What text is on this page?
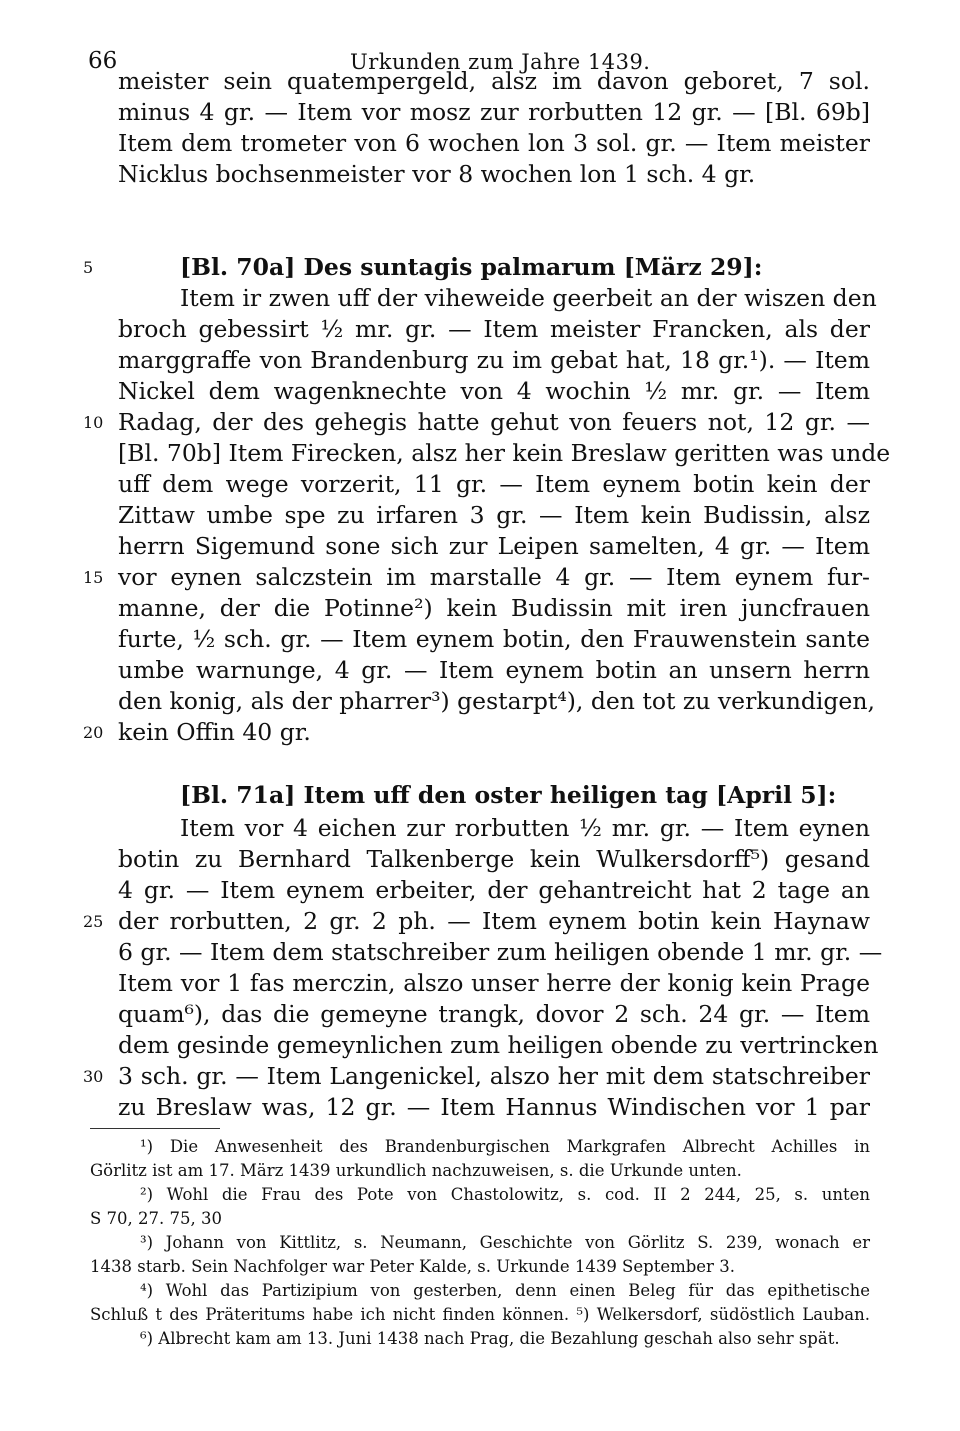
66	Urkunden zum Jahre 1439.
meister sein quatempergeld, alsz im davon geboret, 7 sol.
minus 4 gr. — Item vor mosz zur rorbutten 12 gr. — [Bl. 69b]
Item dem trometer von 6 wochen lon 3 sol. gr. — Item meister
Nicklus bochsenmeister vor 8 wochen lon 1 sch. 4 gr.
[Bl. 70a] Des suntagis palmarum [März 29]:
Item ir zwen uff der viheweide geerbeit an der wiszen den
broch gebessirt ½ mr. gr. — Item meister Francken, als der
marggraffe von Brandenburg zu im gebat hat, 18 gr.¹). — Item
Nickel dem wagenknechte von 4 wochin ½ mr. gr. — Item
Radag, der des gehegis hatte gehut von feuers not, 12 gr. —
[Bl. 70b] Item Firecken, alsz her kein Breslaw geritten was unde
uff dem wege vorzerit, 11 gr. — Item eynem botin kein der
Zittaw umbe spe zu irfaren 3 gr. — Item kein Budissin, alsz
herrn Sigemund sone sich zur Leipen samelten, 4 gr. — Item
vor eynen salczstein im marstalle 4 gr. — Item eynem fur-
manne, der die Potinne²) kein Budissin mit iren juncfrauen
furte, ½ sch. gr. — Item eynem botin, den Frauwenstein sante
umbe warnunge, 4 gr. — Item eynem botin an unsern herrn
den konig, als der pharrer³) gestarpt⁴), den tot zu verkundigen,
kein Offin 40 gr.
[Bl. 71a] Item uff den oster heiligen tag [April 5]:
Item vor 4 eichen zur rorbutten ½ mr. gr. — Item eynen
botin zu Bernhard Talkenberge kein Wulkersdorff⁵) gesand
4 gr. — Item eynem erbeiter, der gehantreicht hat 2 tage an
der rorbutten, 2 gr. 2 ph. — Item eynem botin kein Haynaw
6 gr. — Item dem statschreiber zum heiligen obende 1 mr. gr. —
Item vor 1 fas merczin, alszo unser herre der konig kein Prage
quam⁶), das die gemeyne trangk, dovor 2 sch. 24 gr. — Item
dem gesinde gemeynlichen zum heiligen obende zu vertrincken
3 sch. gr. — Item Langenickel, alszo her mit dem statschreiber
zu Breslaw was, 12 gr. — Item Hannus Windischen vor 1 par
5
10
15
20
25
30
¹) Die Anwesenheit des Brandenburgischen Markgrafen Albrecht Achilles in
Görlitz ist am 17. März 1439 urkundlich nachzuweisen, s. die Urkunde unten.
²) Wohl die Frau des Pote von Chastolowitz, s. cod. II 2 244, 25, s. unten
S 70, 27. 75, 30
³) Johann von Kittlitz, s. Neumann, Geschichte von Görlitz S. 239, wonach er
1438 starb. Sein Nachfolger war Peter Kalde, s. Urkunde 1439 September 3.
⁴) Wohl das Partizipium von gesterben, denn einen Beleg für das epithetische
Schluß t des Präteritums habe ich nicht finden können. ⁵) Welkersdorf, südöstlich Lauban.
⁶) Albrecht kam am 13. Juni 1438 nach Prag, die Bezahlung geschah also sehr spät.
